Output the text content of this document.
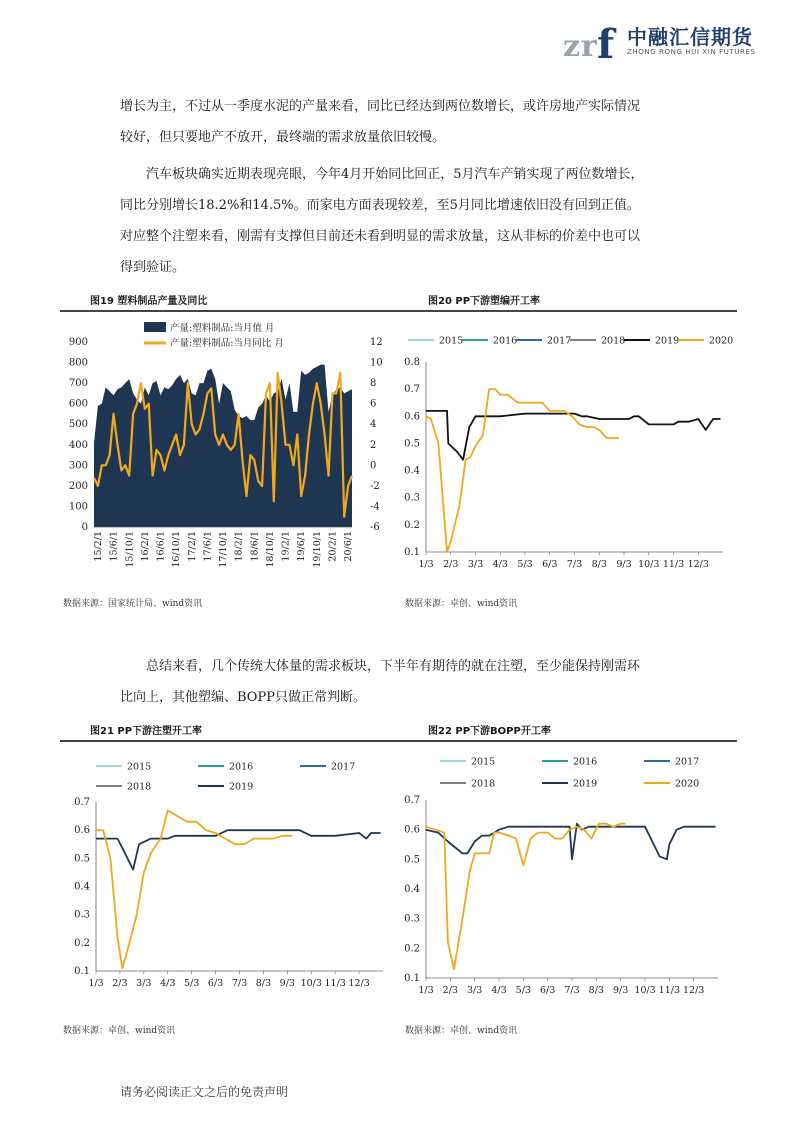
z r f 中融汇信期货
ZHONG RONG HUI XIN FUTURES

增长为主，不过从一季度水泥的产量来看，同比已经达到两位数增长，或许房地产实际情况

较好，但只要地产不放开，最终端的需求放量依旧较慢。

汽车板块确实近期表现亮眼，今年4月开始同比回正，5月汽车产销实现了两位数增长，

同比分别增长18.2%和14.5%。而家电方面表现较差，至5月同比增速依旧没有回到正值。

对应整个注塑来看，刚需有支撑但目前还未看到明显的需求放量，这从非标的价差中也可以

得到验证。

图19 塑料制品产量及同比	图20 PP下游塑编开工率
产量:塑料制品:当月值 月
产量:塑料制品:当月同比 月
0
100
200
300
400
500
600
700
800
900
-6
-4
-2
0
2
4
6
8
10
12
15/2/1 15/6/1 15/10/1 16/2/1 16/6/1 16/10/1 17/2/1 17/6/1 17/10/1 18/2/1 18/6/1 18/10/1 19/2/1 19/6/1 19/10/1 20/2/1 20/6/1
2015	2016	2017	2018	2019	2020
0.1
0.2
0.3
0.4
0.5
0.6
0.7
0.8
1/3 2/3 3/3 4/3 5/3 6/3 7/3 8/3 9/3 10/3 11/3 12/3
数据来源：国家统计局、wind资讯	数据来源：卓创、wind资讯

总结来看，几个传统大体量的需求板块，下半年有期待的就在注塑，至少能保持刚需环

比向上，其他塑编、BOPP只做正常判断。

图21 PP下游注塑开工率	图22 PP下游BOPP开工率
2015	2016	2017
2018	2019
0.1
0.2
0.3
0.4
0.5
0.6
0.7
1/3 2/3 3/3 4/3 5/3 6/3 7/3 8/3 9/3 10/3 11/3 12/3
2015	2016	2017
2018	2019	2020
0.1
0.2
0.3
0.4
0.5
0.6
0.7
1/3 2/3 3/3 4/3 5/3 6/3 7/3 8/3 9/3 10/3 11/3 12/3
数据来源：卓创、wind资讯	数据来源：卓创、wind资讯
请务必阅读正文之后的免责声明
